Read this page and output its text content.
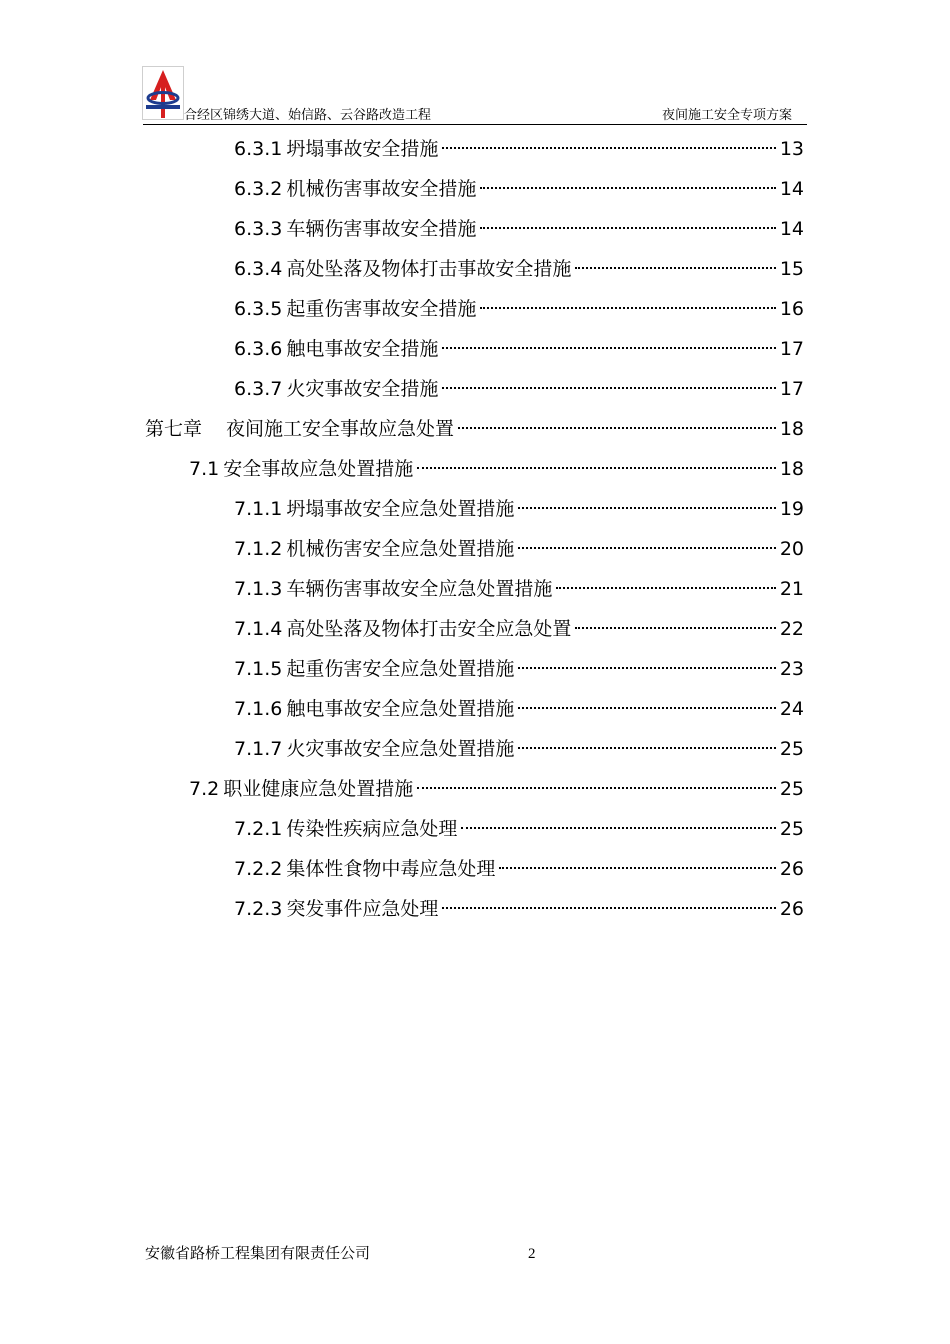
合经区锦绣大道、始信路、云谷路改造工程	夜间施工安全专项方案
6.3.1 坍塌事故安全措施	13
6.3.2 机械伤害事故安全措施	14
6.3.3 车辆伤害事故安全措施	14
6.3.4 高处坠落及物体打击事故安全措施	15
6.3.5 起重伤害事故安全措施	16
6.3.6 触电事故安全措施	17
6.3.7 火灾事故安全措施	17
第七章 夜间施工安全事故应急处置	18
7.1 安全事故应急处置措施	18
7.1.1 坍塌事故安全应急处置措施	19
7.1.2 机械伤害安全应急处置措施	20
7.1.3 车辆伤害事故安全应急处置措施	21
7.1.4 高处坠落及物体打击安全应急处置	22
7.1.5 起重伤害安全应急处置措施	23
7.1.6 触电事故安全应急处置措施	24
7.1.7 火灾事故安全应急处置措施	25
7.2 职业健康应急处置措施	25
7.2.1 传染性疾病应急处理	25
7.2.2 集体性食物中毒应急处理	26
7.2.3 突发事件应急处理	26
安徽省路桥工程集团有限责任公司	2
